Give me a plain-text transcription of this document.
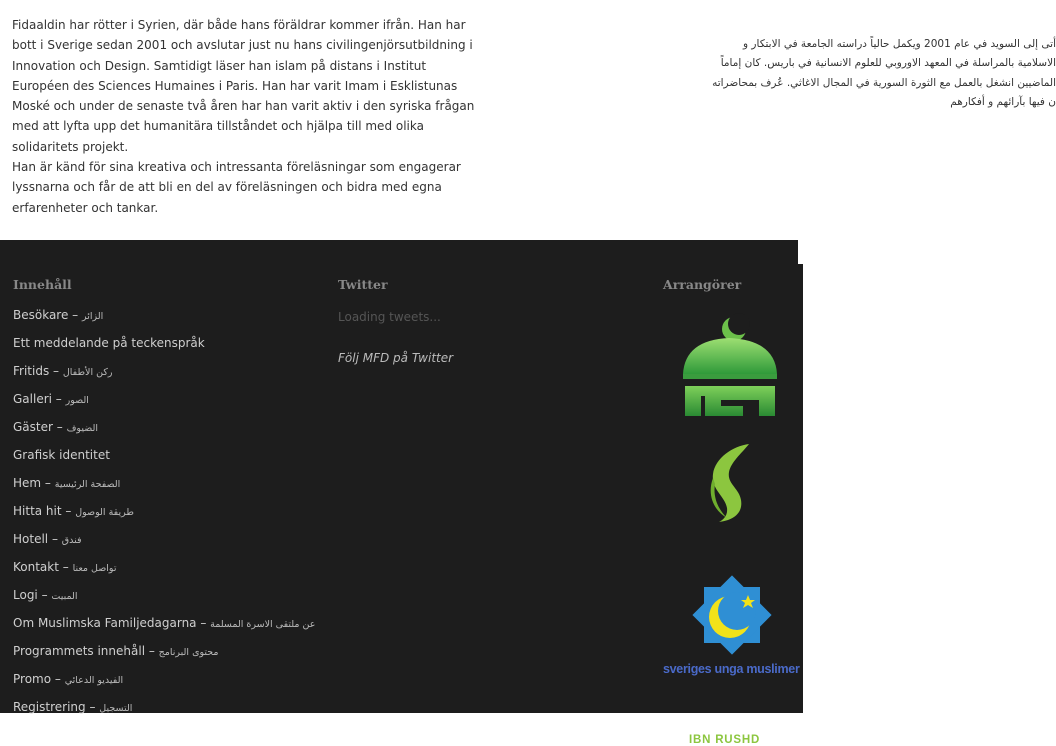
Fidaaldin har rötter i Syrien, där både hans föräldrar kommer ifrån. Han har bott i Sverige sedan 2001 och avslutar just nu hans civilingenjörsutbildning i Innovation och Design. Samtidigt läser han islam på distans i Institut Européen des Sciences Humaines i Paris. Han har varit Imam i Esklistunas Moské och under de senaste två åren har han varit aktiv i den syriska frågan med att lyfta upp det humanitära tillståndet och hjälpa till med olika solidaritets projekt.

Han är känd för sina kreativa och intressanta föreläsningar som engagerar lyssnarna och får de att bli en del av föreläsningen och bidra med egna erfarenheter och tankar.

أتى إلى السويد في عام 2001 ويكمل حالياً دراسته الجامعة في الابتكار و
الاسلامية بالمراسلة في المعهد الاوروبي للعلوم الانسانية في باريس. كان إماماً
الماضيين انشغل بالعمل مع الثورة السورية في المجال الاغاثي. عُرف بمحاضراته
ن فيها بآرائهم و أفكارهم
Innehåll
Besökare – الزائر
Ett meddelande på teckenspråk
Fritids – ركن الأطفال
Galleri – الصور
Gäster – الضيوف
Grafisk identitet
Hem – الصفحة الرئيسية
Hitta hit – طريقة الوصول
Hotell – فندق
Kontakt – تواصل معنا
Logi – المبيت
Om Muslimska Familjedagarna – عن ملتقى الاسرة المسلمة
Programmets innehåll – محتوى البرنامج
Promo – الفيديو الدعائي
Registrering – التسجيل
Twitter
Loading tweets...
Följ MFD på Twitter
Arrangörer
IBN RUSHD
sveriges unga muslimer
